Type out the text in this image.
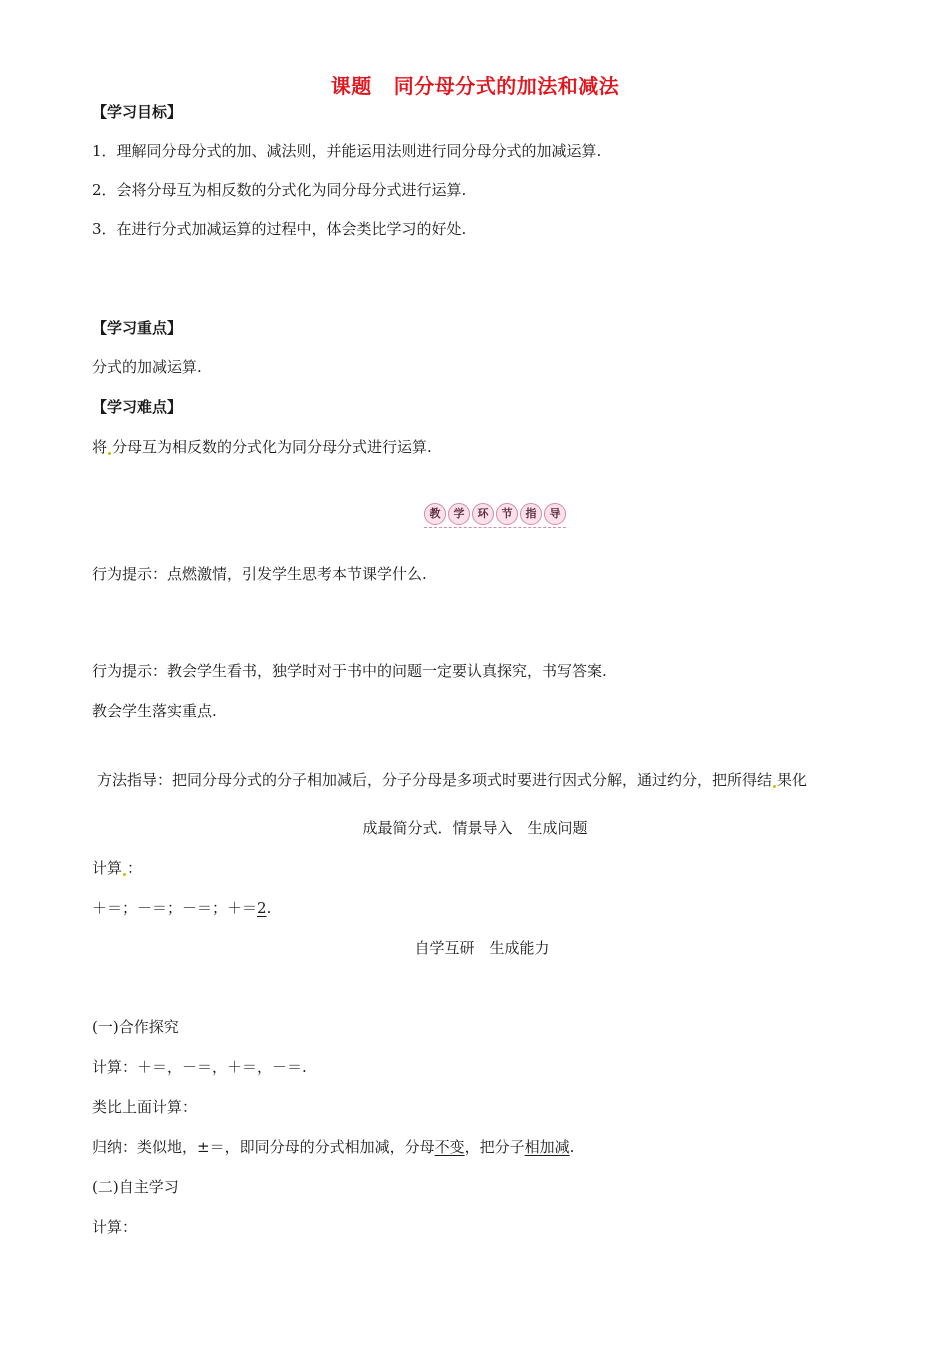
课题 同分母分式的加法和减法
【学习目标】
1．理解同分母分式的加、减法则，并能运用法则进行同分母分式的加减运算.
2．会将分母互为相反数的分式化为同分母分式进行运算.
3．在进行分式加减运算的过程中，体会类比学习的好处.
【学习重点】
分式的加减运算.
【学习难点】
将 分母互为相反数的分式化为同分母分式进行运算.
教	学	环	节	指	导
行为提示：点燃激情，引发学生思考本节课学什么.
行为提示：教会学生看书，独学时对于书中的问题一定要认真探究，书写答案.
教会学生落实重点.
方法指导：把同分母分式的分子相加减后，分子分母是多项式时要进行因式分解，通过约分，把所得结 果化
成最简分式．情景导入　生成问题
计算 ：
＋＝；－＝；－＝；＋＝2.
自学互研　生成能力
(一)合作探究
计算：＋＝，－＝，＋＝，－＝.
类比上面计算：
归纳：类似地，±＝，即同分母的分式相加减，分母不变，把分子相加减.
(二)自主学习
计算：
